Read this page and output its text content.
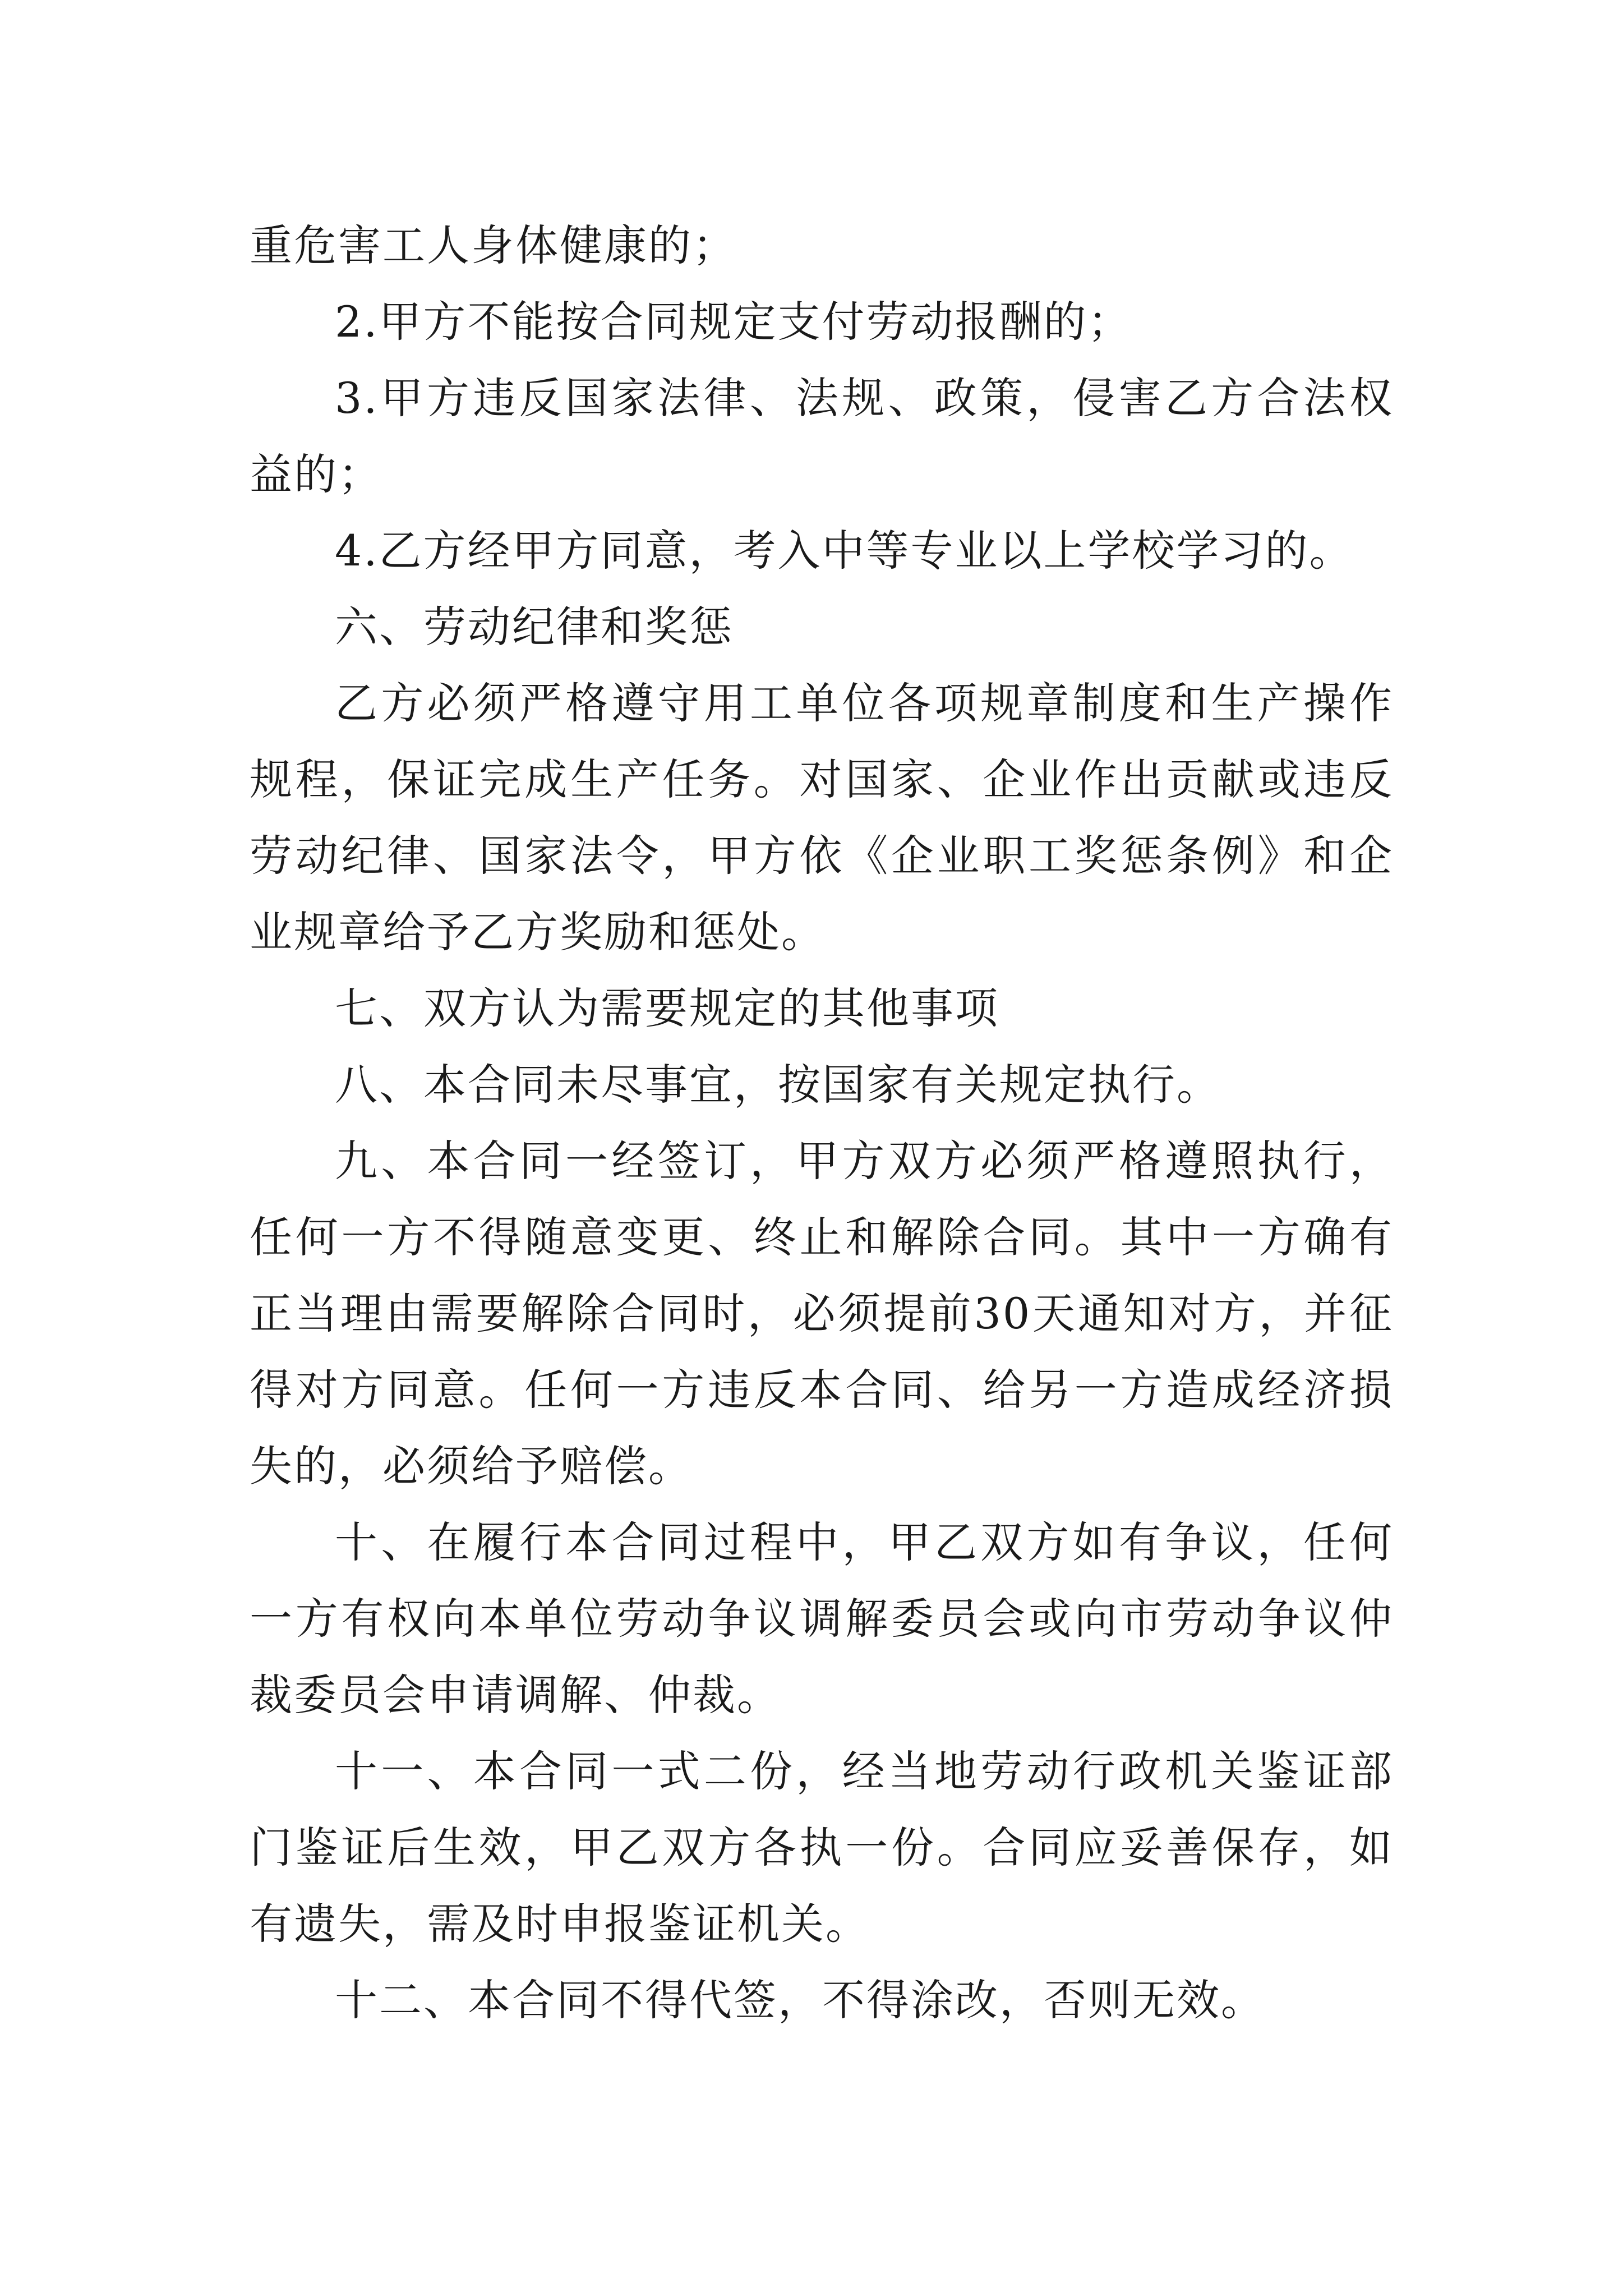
重危害工人身体健康的；

2.甲方不能按合同规定支付劳动报酬的；

3.甲方违反国家法律、法规、政策，侵害乙方合法权益的；

4.乙方经甲方同意，考入中等专业以上学校学习的。

六、劳动纪律和奖惩

乙方必须严格遵守用工单位各项规章制度和生产操作规程，保证完成生产任务。对国家、企业作出贡献或违反劳动纪律、国家法令，甲方依《企业职工奖惩条例》和企业规章给予乙方奖励和惩处。

七、双方认为需要规定的其他事项

八、本合同未尽事宜，按国家有关规定执行。

九、本合同一经签订，甲方双方必须严格遵照执行，任何一方不得随意变更、终止和解除合同。其中一方确有正当理由需要解除合同时，必须提前30天通知对方，并征得对方同意。任何一方违反本合同、给另一方造成经济损失的，必须给予赔偿。

十、在履行本合同过程中，甲乙双方如有争议，任何一方有权向本单位劳动争议调解委员会或向市劳动争议仲裁委员会申请调解、仲裁。

十一、本合同一式二份，经当地劳动行政机关鉴证部门鉴证后生效，甲乙双方各执一份。合同应妥善保存，如有遗失，需及时申报鉴证机关。

十二、本合同不得代签，不得涂改，否则无效。
